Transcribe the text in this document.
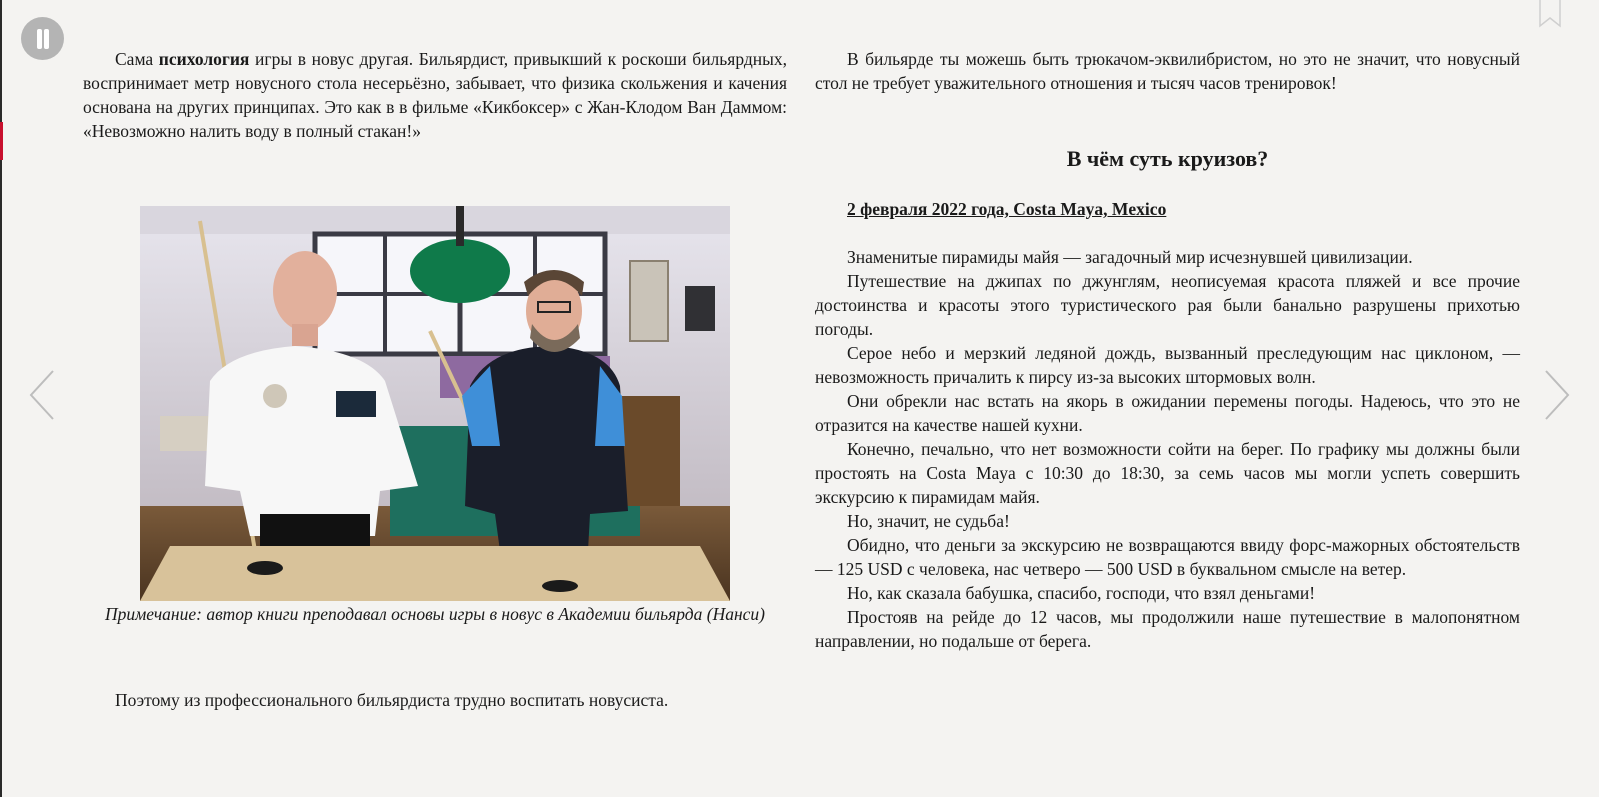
Сама психология игры в новус другая. Бильярдист, привыкший к роскоши бильярдных, воспринимает метр новусного стола несерьёзно, забывает, что физика скольжения и качения основана на других принципах. Это как в в фильме «Кикбоксер» с Жан-Клодом Ван Даммом: «Невозможно налить воду в полный стакан!»

Примечание: автор книги преподавал основы игры в новус в Академии бильярда (Нанси)

Поэтому из профессионального бильярдиста трудно воспитать новусиста.

В бильярде ты можешь быть трюкачом-эквилибристом, но это не значит, что новусный стол не требует уважительного отношения и тысяч часов тренировок!

В чём суть круизов?

2 февраля 2022 года, Costa Maya, Mexico

Знаменитые пирамиды майя — загадочный мир исчезнувшей цивилизации.

Путешествие на джипах по джунглям, неописуемая красота пляжей и все прочие достоинства и красоты этого туристического рая были банально разрушены прихотью погоды.

Серое небо и мерзкий ледяной дождь, вызванный преследующим нас циклоном, — невозможность причалить к пирсу из-за высоких штормовых волн.

Они обрекли нас встать на якорь в ожидании перемены погоды. Надеюсь, что это не отразится на качестве нашей кухни.

Конечно, печально, что нет возможности сойти на берег. По графику мы должны были простоять на Costa Maya с 10:30 до 18:30, за семь часов мы могли успеть совершить экскурсию к пирамидам майя.

Но, значит, не судьба!

Обидно, что деньги за экскурсию не возвращаются ввиду форс-мажорных обстоятельств — 125 USD с человека, нас четверо — 500 USD в буквальном смысле на ветер.

Но, как сказала бабушка, спасибо, господи, что взял деньгами!

Простояв на рейде до 12 часов, мы продолжили наше путешествие в малопонятном направлении, но подальше от берега.
